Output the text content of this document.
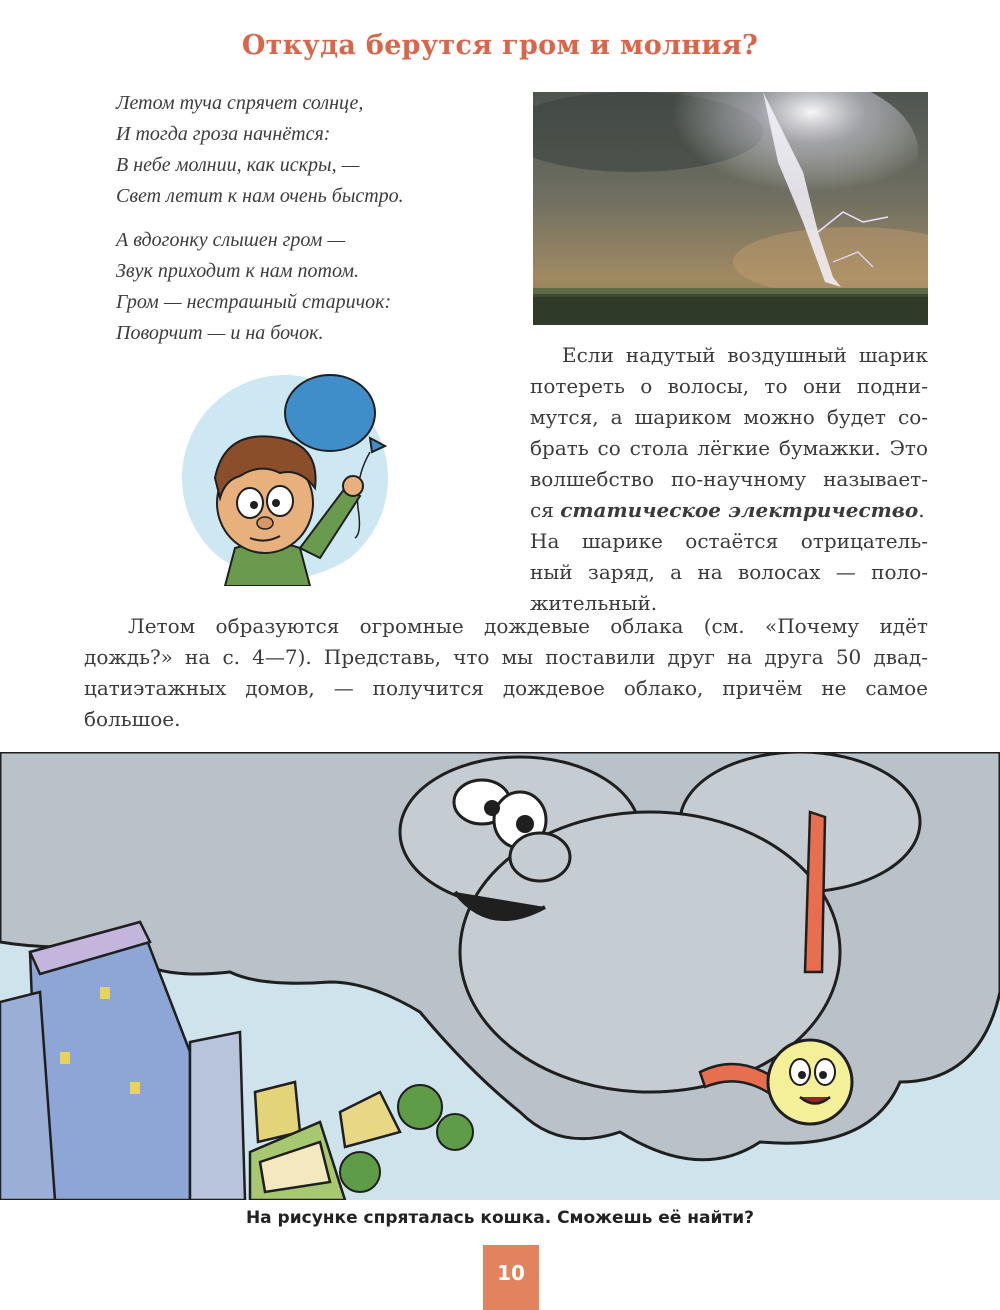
Откуда берутся гром и молния?
Летом туча спрячет солнце,
И тогда гроза начнётся:
В небе молнии, как искры, —
Свет летит к нам очень быстро.
А вдогонку слышен гром —
Звук приходит к нам потом.
Гром — нестрашный старичок:
Поворчит — и на бочок.
Если надутый воздушный шарик
потереть о волосы, то они подни-
мутся, а шариком можно будет со-
брать со стола лёгкие бумажки. Это
волшебство по-научному называет-
ся статическое электричество.
На шарике остаётся отрицатель-
ный заряд, а на волосах — поло-
жительный.
Летом образуются огромные дождевые облака (см. «Почему идёт
дождь?» на с. 4—7). Представь, что мы поставили друг на друга 50 двад-
цатиэтажных домов, — получится дождевое облако, причём не самое
большое.
На рисунке спряталась кошка. Сможешь её найти?
10
